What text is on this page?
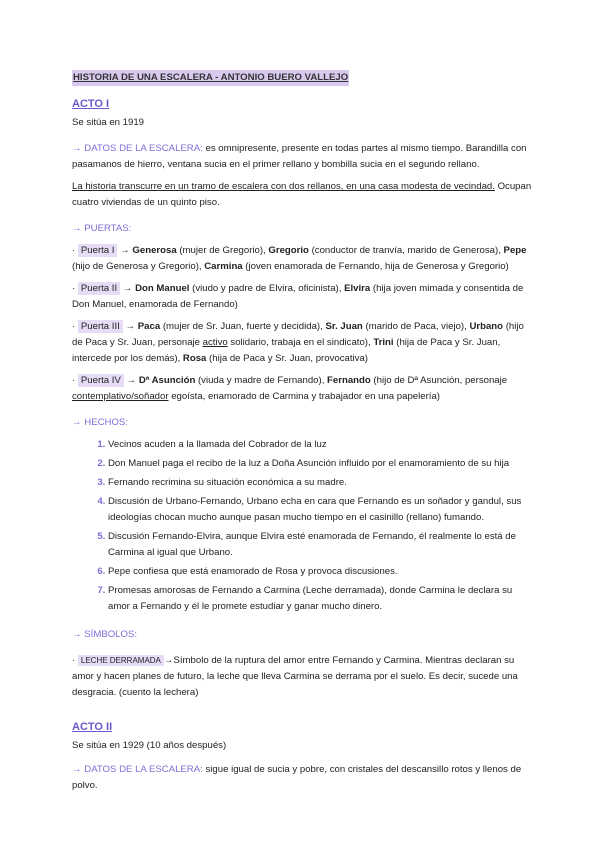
HISTORIA DE UNA ESCALERA - ANTONIO BUERO VALLEJO
ACTO I
Se sitúa en 1919
→ DATOS DE LA ESCALERA: es omnipresente, presente en todas partes al mismo tiempo. Barandilla con pasamanos de hierro, ventana sucia en el primer rellano y bombilla sucia en el segundo rellano.
La historia transcurre en un tramo de escalera con dos rellanos, en una casa modesta de vecindad. Ocupan cuatro viviendas de un quinto piso.
→ PUERTAS:
· Puerta I → Generosa (mujer de Gregorio), Gregorio (conductor de tranvía, marido de Generosa), Pepe (hijo de Generosa y Gregorio), Carmina (joven enamorada de Fernando, hija de Generosa y Gregorio)
· Puerta II → Don Manuel (viudo y padre de Elvira, oficinista), Elvira (hija joven mimada y consentida de Don Manuel, enamorada de Fernando)
· Puerta III → Paca (mujer de Sr. Juan, fuerte y decidida), Sr. Juan (marido de Paca, viejo), Urbano (hijo de Paca y Sr. Juan, personaje activo solidario, trabaja en el sindicato), Trini (hija de Paca y Sr. Juan, intercede por los demás), Rosa (hija de Paca y Sr. Juan, provocativa)
· Puerta IV → Dª Asunción (viuda y madre de Fernando), Fernando (hijo de Dª Asunción, personaje contemplativo/soñador egoísta, enamorado de Carmina y trabajador en una papelería)
→ HECHOS:
1. Vecinos acuden a la llamada del Cobrador de la luz
2. Don Manuel paga el recibo de la luz a Doña Asunción influido por el enamoramiento de su hija
3. Fernando recrimina su situación económica a su madre.
4. Discusión de Urbano-Fernando, Urbano echa en cara que Fernando es un soñador y gandul, sus ideologías chocan mucho aunque pasan mucho tiempo en el casinillo (rellano) fumando.
5. Discusión Fernando-Elvira, aunque Elvira esté enamorada de Fernando, él realmente lo está de Carmina al igual que Urbano.
6. Pepe confiesa que está enamorado de Rosa y provoca discusiones.
7. Promesas amorosas de Fernando a Carmina (Leche derramada), donde Carmina le declara su amor a Fernando y él le promete estudiar y ganar mucho dinero.
→ SÍMBOLOS:
· LECHE DERRAMADA →Símbolo de la ruptura del amor entre Fernando y Carmina. Mientras declaran su amor y hacen planes de futuro, la leche que lleva Carmina se derrama por el suelo. Es decir, sucede una desgracia. (cuento la lechera)
ACTO II
Se sitúa en 1929 (10 años después)
→ DATOS DE LA ESCALERA: sigue igual de sucia y pobre, con cristales del descansillo rotos y llenos de polvo.
